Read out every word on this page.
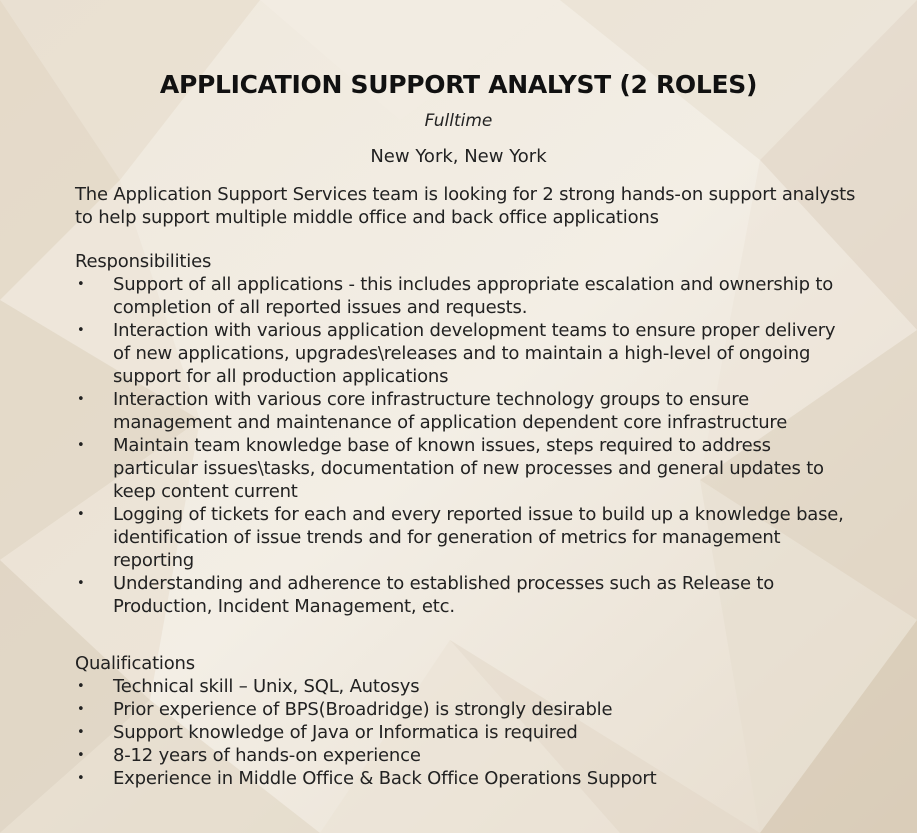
APPLICATION SUPPORT ANALYST (2 ROLES)
Fulltime
New York, New York
The Application Support Services team is looking for 2 strong hands-on support analysts to help support multiple middle office and back office applications
Responsibilities
• Support of all applications - this includes appropriate escalation and ownership to completion of all reported issues and requests.
• Interaction with various application development teams to ensure proper delivery of new applications, upgrades\releases and to maintain a high-level of ongoing support for all production applications
• Interaction with various core infrastructure technology groups to ensure management and maintenance of application dependent core infrastructure
• Maintain team knowledge base of known issues, steps required to address particular issues\tasks, documentation of new processes and general updates to keep content current
• Logging of tickets for each and every reported issue to build up a knowledge base, identification of issue trends and for generation of metrics for management reporting
• Understanding and adherence to established processes such as Release to Production, Incident Management, etc.
Qualifications
• Technical skill – Unix, SQL, Autosys
• Prior experience of BPS(Broadridge) is strongly desirable
• Support knowledge of Java or Informatica is required
• 8-12 years of hands-on experience
• Experience in Middle Office & Back Office Operations Support
